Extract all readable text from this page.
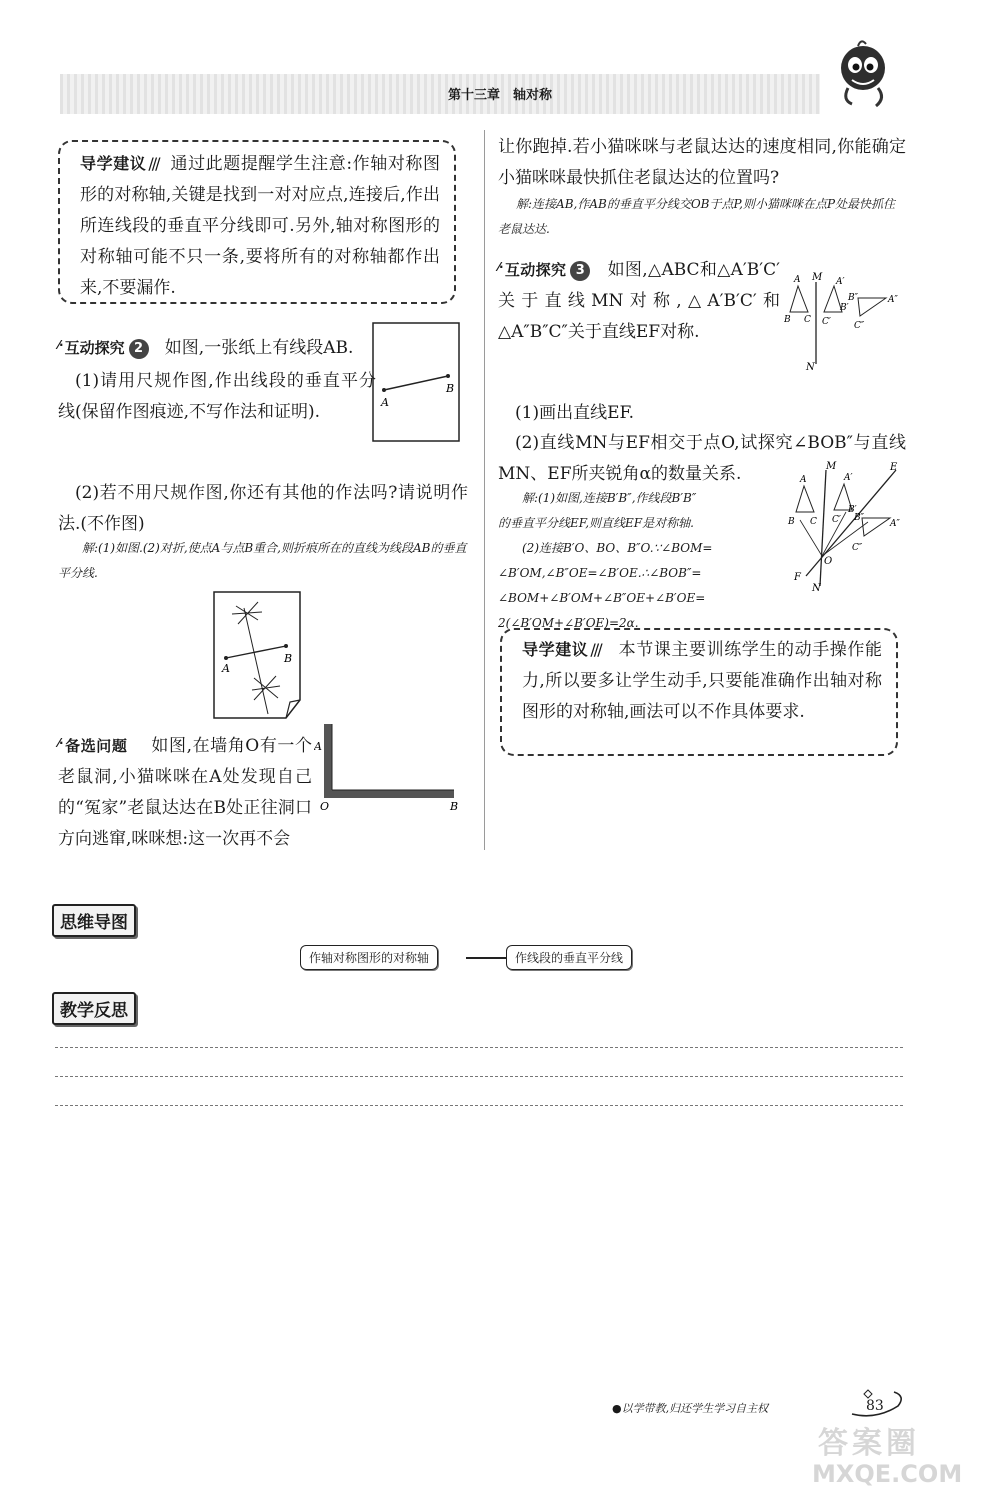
第十三章　轴对称
导学建议 /// 通过此题提醒学生注意:作轴对称图形的对称轴,关键是找到一对对应点,连接后,作出所连线段的垂直平分线即可.另外,轴对称图形的对称轴可能不只一条,要将所有的对称轴都作出来,不要漏作.
⁄· 互动探究 2 如图,一张纸上有线段AB.
(1)请用尺规作图,作出线段的垂直平分线(保留作图痕迹,不写作法和证明).
(2)若不用尺规作图,你还有其他的作法吗?请说明作法.(不作图)
解:(1)如图.(2)对折,使点A与点B重合,则折痕所在的直线为线段AB的垂直平分线.
A
B
A
B
⁄· 备选问题 如图,在墙角O有一个老鼠洞,小猫咪咪在A处发现自己的“冤家”老鼠达达在B处正往洞口方向逃窜,咪咪想:这一次再不会
A
O	B
让你跑掉.若小猫咪咪与老鼠达达的速度相同,你能确定小猫咪咪最快抓住老鼠达达的位置吗?
解:连接AB,作AB的垂直平分线交OB于点P,则小猫咪咪在点P处最快抓住老鼠达达.
⁄· 互动探究 3 如图,△ABC和△A′B′C′关于直线MN对称,△A′B′C′和△A″B″C″关于直线EF对称.
M
N
A
B C
A′
B′
C′
A″
B″
C″
(1)画出直线EF.
(2)直线MN与EF相交于点O,试探究∠BOB″与直线MN、EF所夹锐角α的数量关系.
解:(1)如图,连接B′B″,作线段B′B″
的垂直平分线EF,则直线EF是对称轴.
(2)连接B′O、BO、B″O.∵∠BOM=
∠B′OM,∠B″OE=∠B′OE.∴∠BOB″=
∠BOM+∠B′OM+∠B″OE+∠B′OE=
2(∠B′OM+∠B′OE)=2α.
M
N
E
F
O
A
B C
A′
B′
C′	A″
B″
C″
导学建议 /// 本节课主要训练学生的动手操作能力,所以要多让学生动手,只要能准确作出轴对称图形的对称轴,画法可以不作具体要求.
思维导图
作轴对称图形的对称轴	作线段的垂直平分线
教学反思
●以学带教,归还学生学习自主权	83
答案圈
MXQE.COM
